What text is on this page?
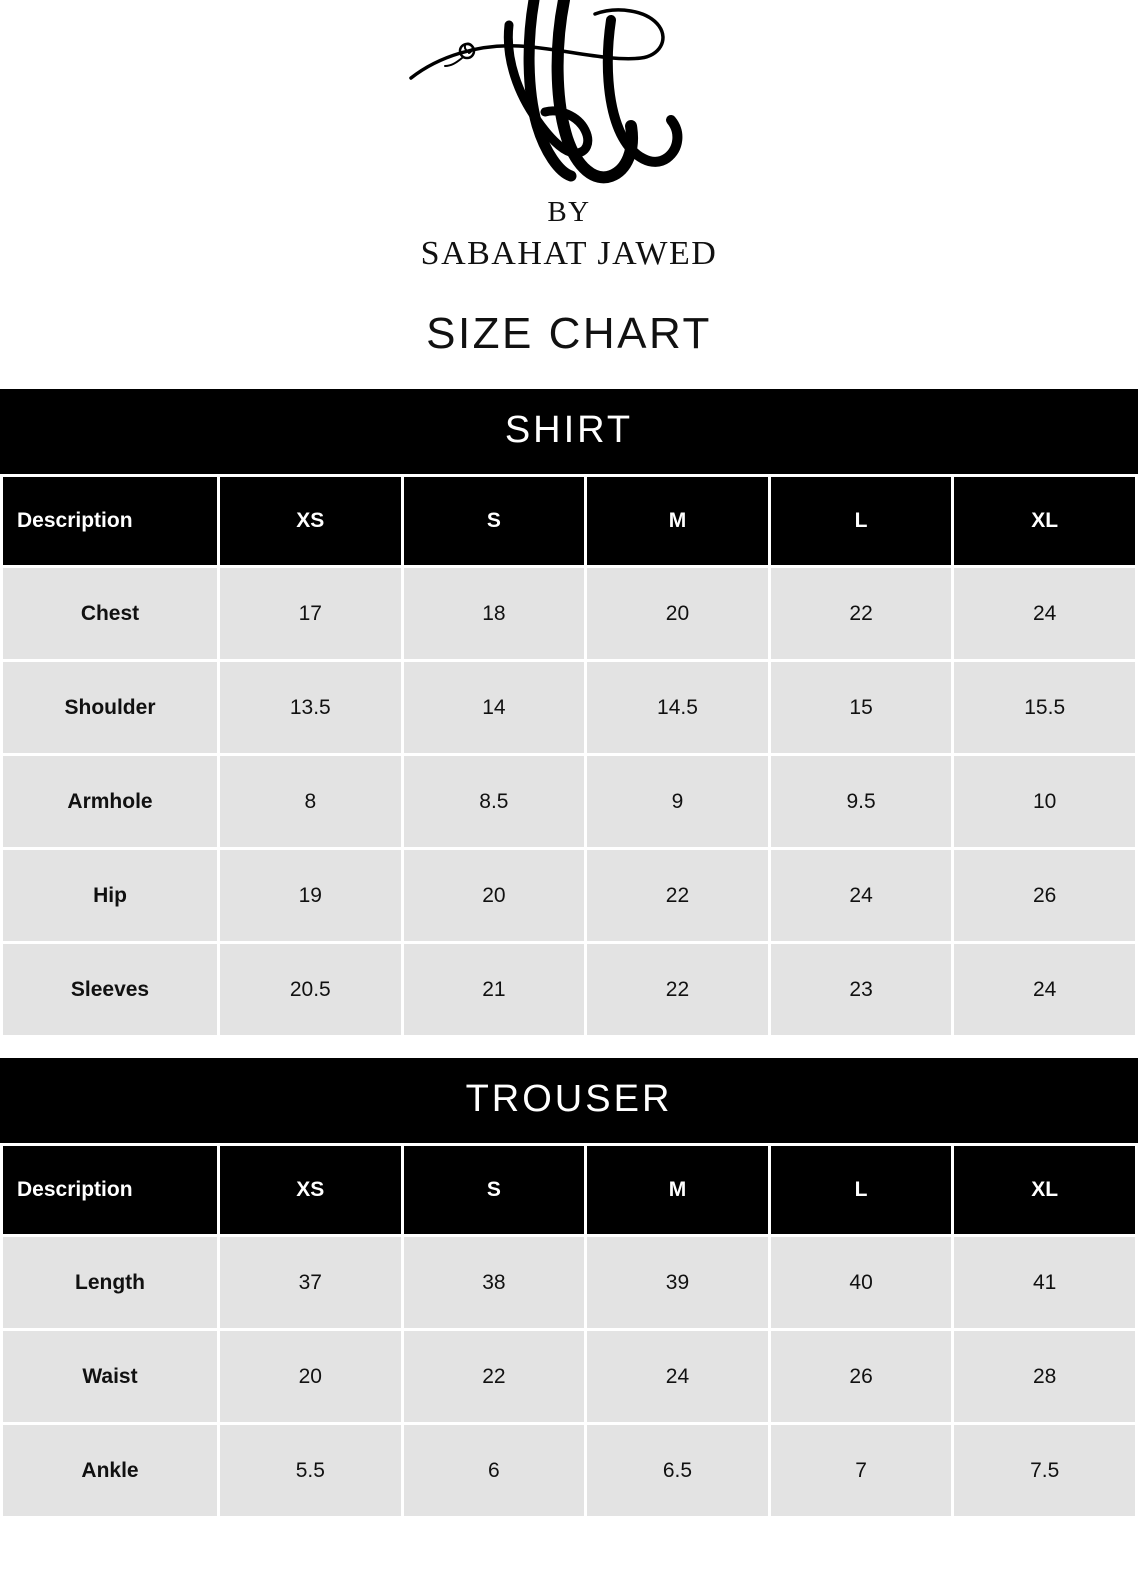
BY
SABAHAT JAWED
SIZE CHART
SHIRT
Description	XS	S	M	L	XL
Chest	17	18	20	22	24
Shoulder	13.5	14	14.5	15	15.5
Armhole	8	8.5	9	9.5	10
Hip	19	20	22	24	26
Sleeves	20.5	21	22	23	24
TROUSER
Description	XS	S	M	L	XL
Length	37	38	39	40	41
Waist	20	22	24	26	28
Ankle	5.5	6	6.5	7	7.5
